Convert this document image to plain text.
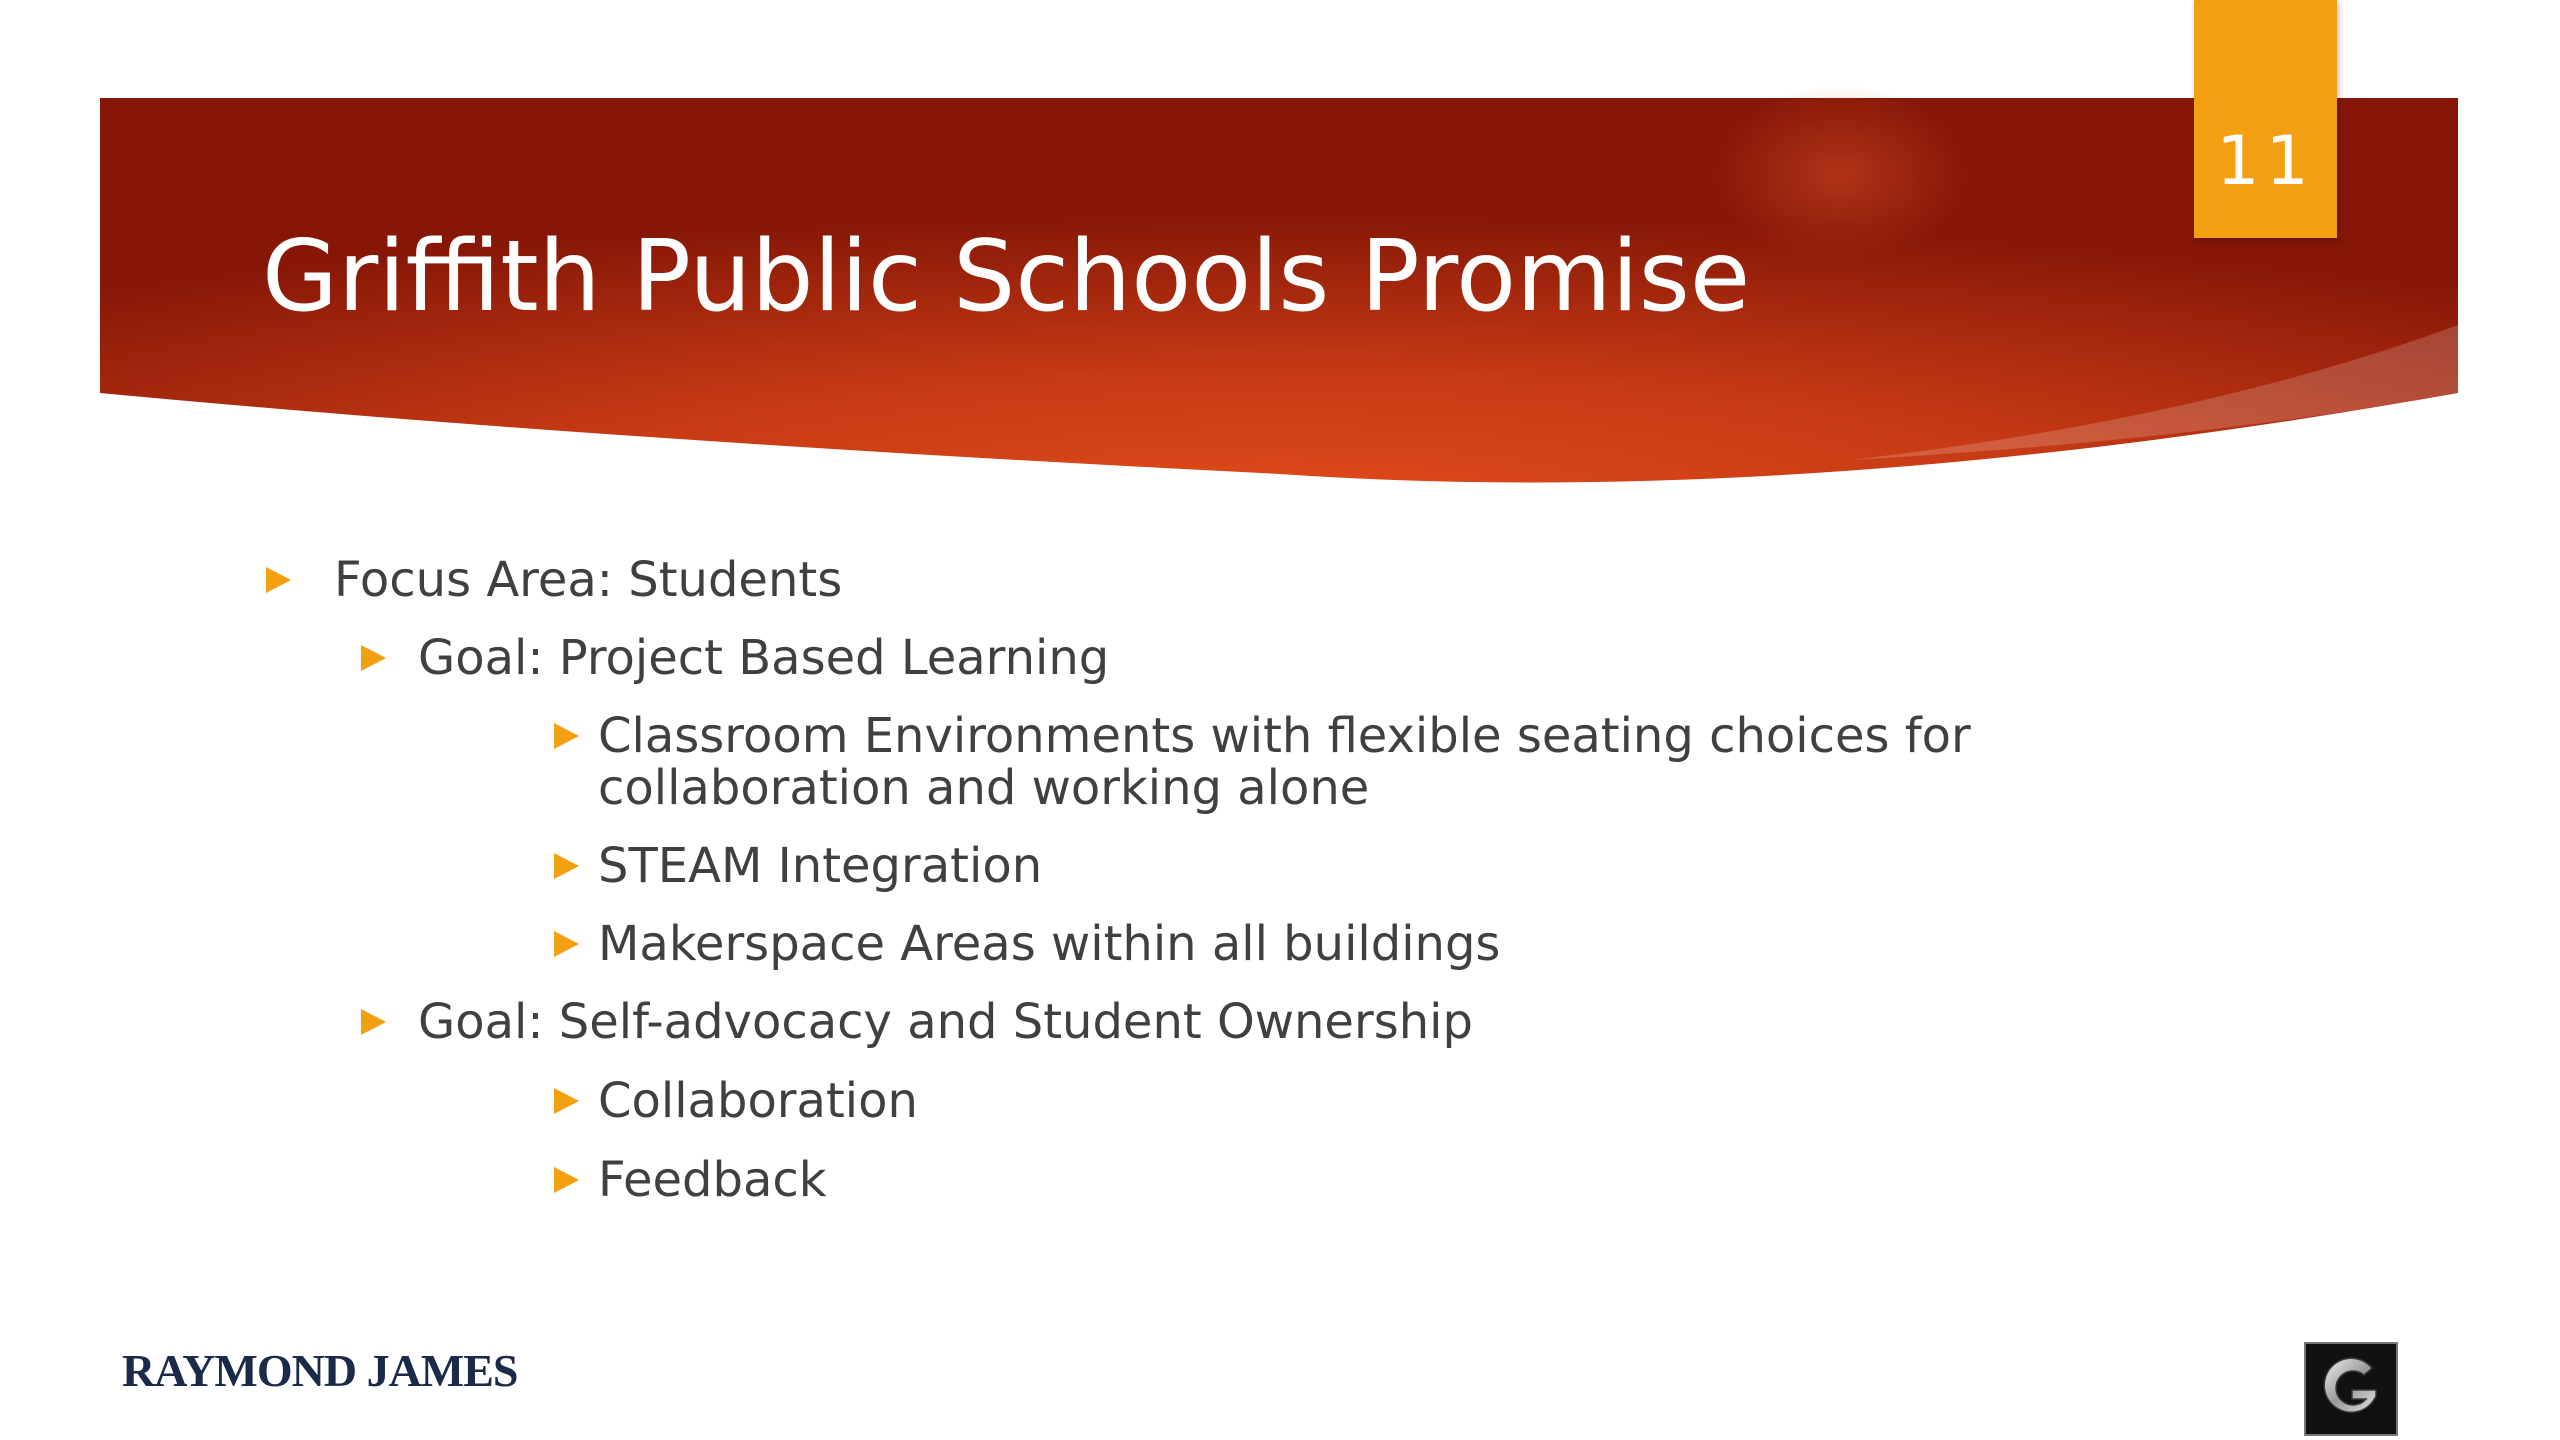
11
Griffith Public Schools Promise
Focus Area: Students
Goal: Project Based Learning
Classroom Environments with flexible seating choices for
collaboration and working alone
STEAM Integration
Makerspace Areas within all buildings
Goal: Self-advocacy and Student Ownership
Collaboration
Feedback
RAYMOND JAMES
